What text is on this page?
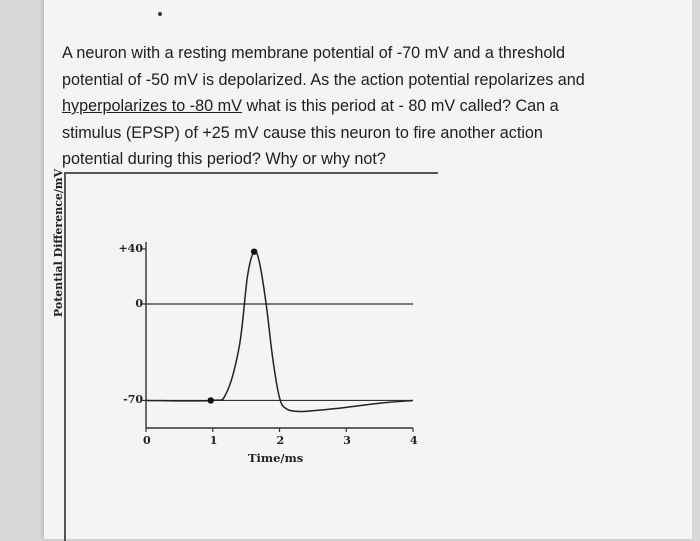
A neuron with a resting membrane potential of -70 mV and a threshold
potential of -50 mV is depolarized. As the action potential repolarizes and
hyperpolarizes to -80 mV what is this period at - 80 mV called? Can a
stimulus (EPSP) of +25 mV cause this neuron to fire another action
potential during this period? Why or why not?
Potential Difference/mV
Time/ms
+40
0
-70
0	1	2	3	4
